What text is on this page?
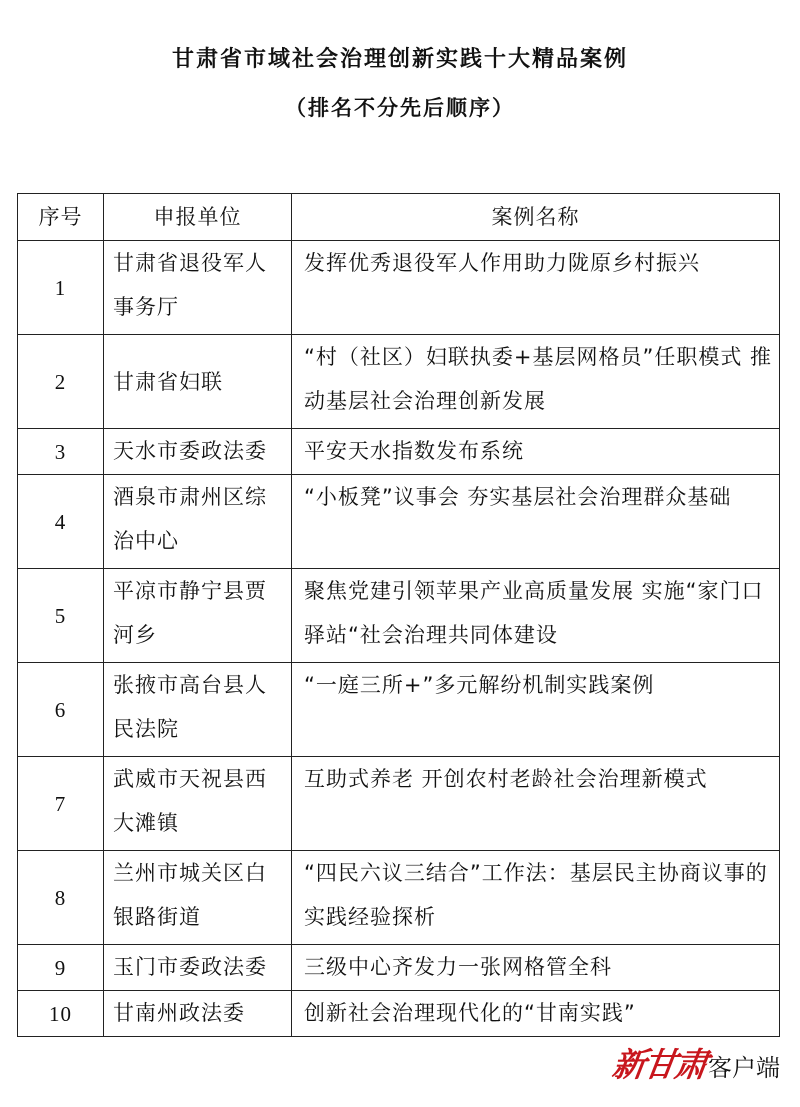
甘肃省市域社会治理创新实践十大精品案例
（排名不分先后顺序）
序号	申报单位	案例名称
1	甘肃省退役军人事务厅	发挥优秀退役军人作用助力陇原乡村振兴
2	甘肃省妇联	“村（社区）妇联执委+基层网格员”任职模式 推动基层社会治理创新发展
3	天水市委政法委	平安天水指数发布系统
4	酒泉市肃州区综治中心	“小板凳”议事会 夯实基层社会治理群众基础
5	平凉市静宁县贾河乡	聚焦党建引领苹果产业高质量发展 实施“家门口驿站“社会治理共同体建设
6	张掖市高台县人民法院	“一庭三所+”多元解纷机制实践案例
7	武威市天祝县西大滩镇	互助式养老 开创农村老龄社会治理新模式
8	兰州市城关区白银路街道	“四民六议三结合”工作法：基层民主协商议事的实践经验探析
9	玉门市委政法委	三级中心齐发力一张网格管全科
10	甘南州政法委	创新社会治理现代化的“甘南实践”
新甘肃 客户端
